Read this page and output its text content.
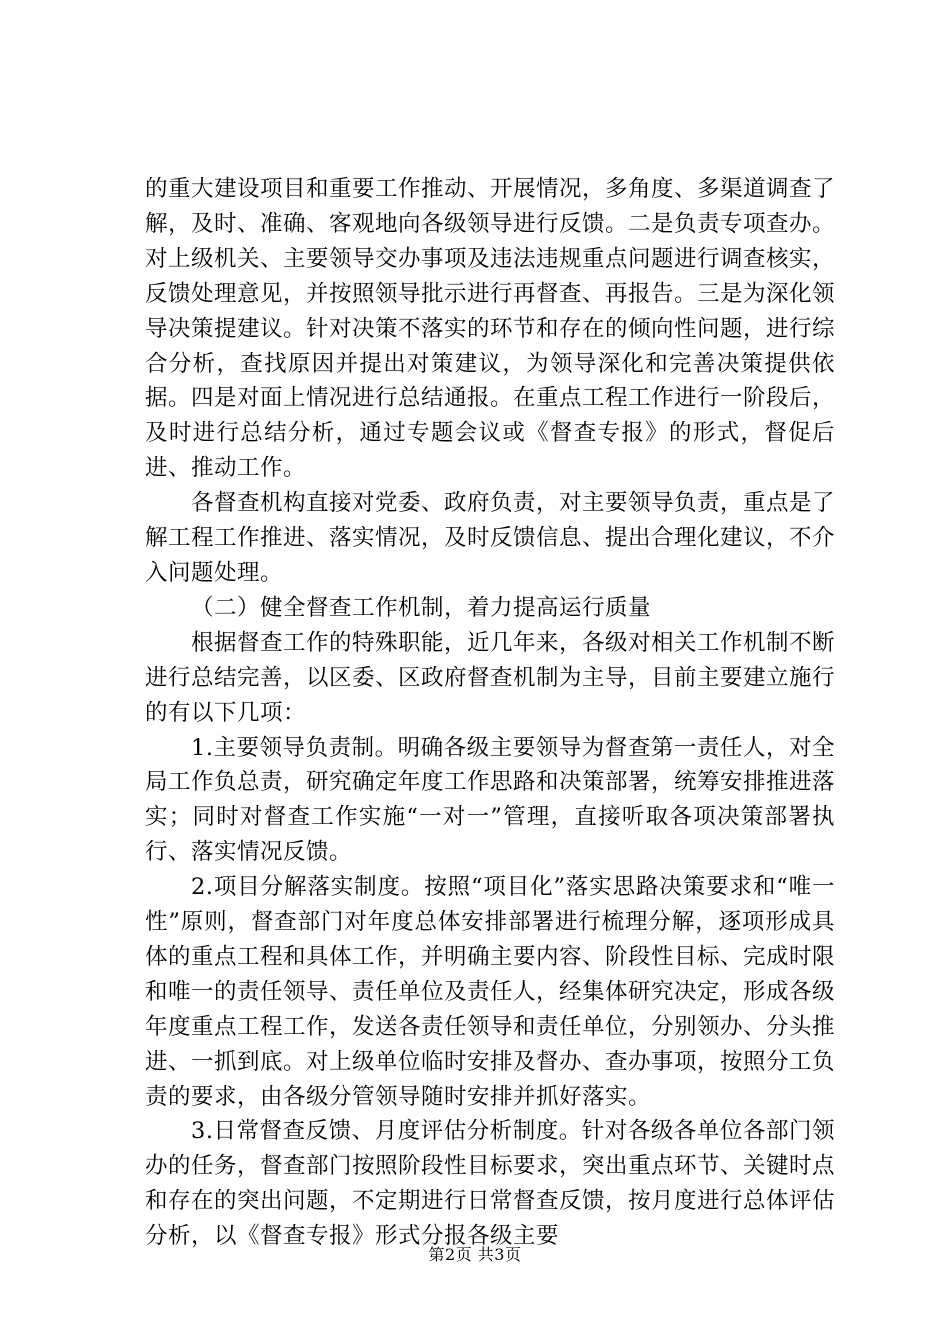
的重大建设项目和重要工作推动、开展情况，多角度、多渠道调查了解，及时、准确、客观地向各级领导进行反馈。二是负责专项查办。对上级机关、主要领导交办事项及违法违规重点问题进行调查核实，反馈处理意见，并按照领导批示进行再督查、再报告。三是为深化领导决策提建议。针对决策不落实的环节和存在的倾向性问题，进行综合分析，查找原因并提出对策建议，为领导深化和完善决策提供依据。四是对面上情况进行总结通报。在重点工程工作进行一阶段后，及时进行总结分析，通过专题会议或《督查专报》的形式，督促后进、推动工作。

各督查机构直接对党委、政府负责，对主要领导负责，重点是了解工程工作推进、落实情况，及时反馈信息、提出合理化建议，不介入问题处理。

（二）健全督查工作机制，着力提高运行质量

根据督查工作的特殊职能，近几年来，各级对相关工作机制不断进行总结完善，以区委、区政府督查机制为主导，目前主要建立施行的有以下几项：

1.主要领导负责制。明确各级主要领导为督查第一责任人，对全局工作负总责，研究确定年度工作思路和决策部署，统筹安排推进落实；同时对督查工作实施“一对一”管理，直接听取各项决策部署执行、落实情况反馈。

2.项目分解落实制度。按照“项目化”落实思路决策要求和“唯一性”原则，督查部门对年度总体安排部署进行梳理分解，逐项形成具体的重点工程和具体工作，并明确主要内容、阶段性目标、完成时限和唯一的责任领导、责任单位及责任人，经集体研究决定，形成各级年度重点工程工作，发送各责任领导和责任单位，分别领办、分头推进、一抓到底。对上级单位临时安排及督办、查办事项，按照分工负责的要求，由各级分管领导随时安排并抓好落实。

3.日常督查反馈、月度评估分析制度。针对各级各单位各部门领办的任务，督查部门按照阶段性目标要求，突出重点环节、关键时点和存在的突出问题，不定期进行日常督查反馈，按月度进行总体评估分析，以《督查专报》形式分报各级主要

第2页 共3页
